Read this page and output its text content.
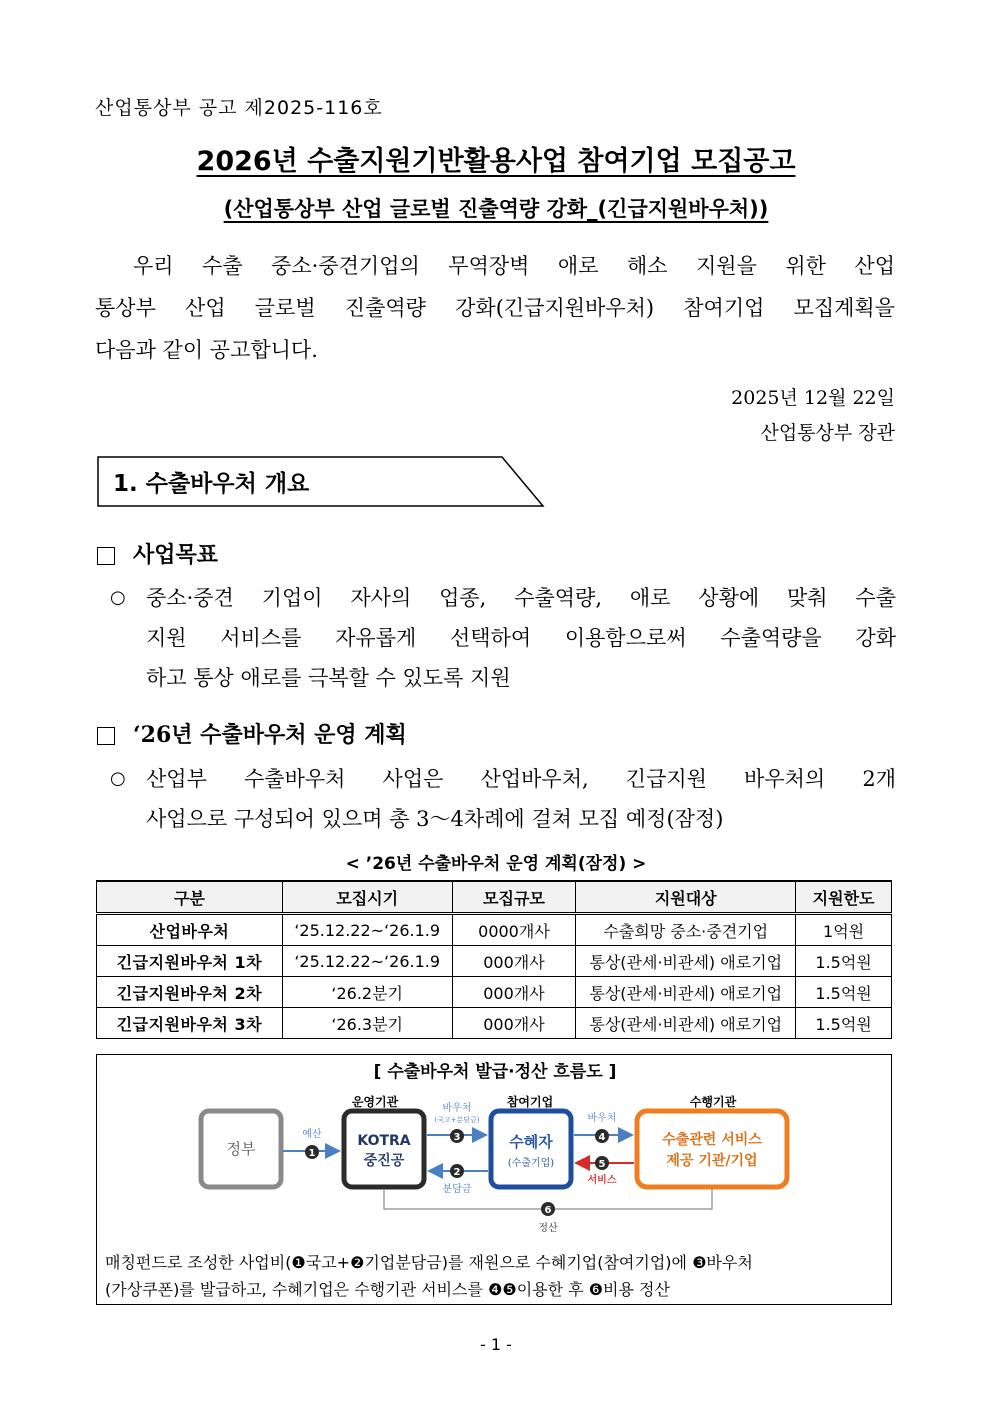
산업통상부 공고 제2025-116호
2026년 수출지원기반활용사업 참여기업 모집공고
(산업통상부 산업 글로벌 진출역량 강화_(긴급지원바우처))
우리 수출 중소·중견기업의 무역장벽 애로 해소 지원을 위한 산업
통상부 산업 글로벌 진출역량 강화(긴급지원바우처) 참여기업 모집계획을
다음과 같이 공고합니다.
2025년 12월 22일
산업통상부 장관
1. 수출바우처 개요
사업목표
○ 중소·중견 기업이 자사의 업종, 수출역량, 애로 상황에 맞춰 수출
지원 서비스를 자유롭게 선택하여 이용함으로써 수출역량을 강화
하고 통상 애로를 극복할 수 있도록 지원
‘26년 수출바우처 운영 계획
○ 산업부 수출바우처 사업은 산업바우처, 긴급지원 바우처의 2개
사업으로 구성되어 있으며 총 3～4차례에 걸쳐 모집 예정(잠정)
< ’26년 수출바우처 운영 계획(잠정) >
구분	모집시기	모집규모	지원대상	지원한도
산업바우처	‘25.12.22~‘26.1.9	0000개사	수출희망 중소·중견기업	1억원
긴급지원바우처 1차	‘25.12.22~‘26.1.9	000개사	통상(관세·비관세) 애로기업	1.5억원
긴급지원바우처 2차	‘26.2분기	000개사	통상(관세·비관세) 애로기업	1.5억원
긴급지원바우처 3차	‘26.3분기	000개사	통상(관세·비관세) 애로기업	1.5억원
[ 수출바우처 발급·정산 흐름도 ]
운영기관	참여기업	수행기관
정부	KOTRA
중진공
수혜자
(수출기업)
수출관련 서비스
제공 기관/기업
예산
1
바우처
(국고+분담금)
3
2
분담금
바우처
4
5
서비스
6
정산
매칭펀드로 조성한 사업비(❶국고+❷기업분담금)를 재원으로 수혜기업(참여기업)에 ❸바우처
(가상쿠폰)를 발급하고, 수혜기업은 수행기관 서비스를 ❹❺이용한 후 ❻비용 정산
- 1 -
